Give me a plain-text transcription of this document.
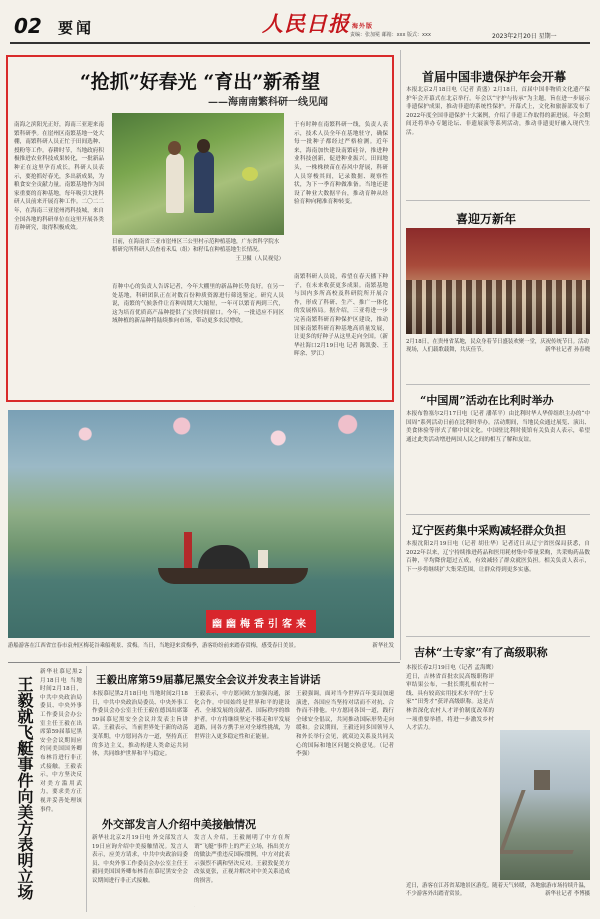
02 要闻	人民日报 海外版
责编：张加冕 邮箱：xxx 版式：xxx	2023年2月20日 星期一
“抢抓”好春光 “育出”新希望
——海南南繁科研一线见闻
南海之滨阳光正好，海南三亚迎来南繁科研季。在崖州区南繁基地一处大棚，南繁科研人员正忙于田间选种、授粉等工作。春耕时节，当地政府积极推进农业科技成果转化，一批新品种正在这里孕育成长。科研人员表示，要抢抓好春光，多出新成果，为粮食安全贡献力量。南繁基地作为国家重要的育种基地，每年吸引大批科研人员前来开展育种工作。二〇二二年，在海南三亚崖州湾科技城，来自全国各地的科研单位在这里开展各类育种研究，取得积极成效。
日前，在海南省三亚市崖州区三公里村示范种植基地，广东省科学院水稻研究所科研人员查看禾瓜（组）和籽瓜在种植基地生长情况。
王卫摄（人民视觉）
育种中心的负责人告诉记者，今年大棚里的新品种长势良好。在另一处基地，科研团队正在对数百份种质资源进行筛选鉴定。研究人员说，南繁的气候条件让育种周期大大缩短，一年可以繁育两到三代，这为培育优质高产品种提供了宝贵时间窗口。今年，一批适应不同区域种植的新品种将陆续推向市场，带动更多农民增收。
于有时种在南繁科研一线，负责人表示，技术人员全年在基地驻守，确保每一批种子都经过严格检测。近年来，海南加快建设南繁硅谷，推进种业科技创新，促进种业振兴。田间地头，一株株秧苗在春风中舒展，科研人员穿梭其间，记录数据、观察性状，为下一季育种做准备。当地还建设了种业大数据平台，推动育种从经验育种向精准育种转变。
南繁科研人员说，希望在春天播下种子，在未来收获更多成果。南繁基地与国内多所高校及科研院所开展合作，形成了科研、生产、推广一体化的发展格局。据介绍，三亚将进一步完善南繁科研育种保护区建设，推动国家南繁科研育种基地高质量发展，让更多的好种子从这里走向全国。（新华社海口2月19日电 记者 陈凯姿、王晖余、罗江）
幽幽梅香引客来
游船游客在江西省宜春市袁州区梅花谷乘船观景、赏梅。当日，当地迎来赏梅季，游客纷纷前来踏春赏梅，感受春日美景。	新华社发
首届中国非遗保护年会开幕
本报北京2月18日电（记者 黄盛）2月18日，首届中国非物质文化遗产保护年会开幕式在北京举行。年会以“守护与传承”为主题，旨在进一步展示非遗保护成果，推动非遗的系统性保护。开幕式上，文化和旅游部发布了2022年度全国非遗保护十大案例，介绍了非遗工作取得的新进展。年会期间还将举办专题论坛、非遗展演等系列活动，推动非遗更好融入现代生活。
喜迎万新年
2月18日，在贵州省某地，民众身着节日盛装欢聚一堂，庆祝传统节日。活动现场，人们载歌载舞，共庆佳节。	新华社记者 孙春晓
“中国周”活动在比利时举办
本报布鲁塞尔2月17日电（记者 潘革平）由比利时华人华侨组织主办的“中国周”系列活动日前在比利时举办。活动期间，当地民众通过展览、演出、美食体验等形式了解中国文化。中国驻比利时使馆有关负责人表示，希望通过此类活动增进两国人民之间的相互了解和友谊。
辽宁医药集中采购减轻群众负担
本报沈阳2月19日电（记者 胡仕华）记者近日从辽宁省医保局获悉，自2022年以来，辽宁持续推进药品和医用耗材集中带量采购，共采购药品数百种，平均降价超过五成，有效减轻了群众就医负担。相关负责人表示，下一步将继续扩大集采范围，让群众得到更多实惠。
吉林“土专家”有了高级职称
本报长春2月19日电（记者 孟海鹰）近日，吉林省首批农民高级职称评审结果公布，一批长期扎根农村一线、具有较高实用技术水平的“土专家”“田秀才”获评高级职称。这是吉林省深化农村人才评价制度改革的一项重要举措，将进一步激发乡村人才活力。
近日，游客在江苏省某地景区游览。随着天气转暖，各地旅游市场持续升温，不少游客外出踏青赏景。	新华社记者 李博摄
王毅就飞艇事件向美方表明立场
新华社慕尼黑2月18日电 当地时间2月18日，中共中央政治局委员、中央外事工作委员会办公室主任王毅在出席第59届慕尼黑安全会议期间应约同美国国务卿布林肯进行非正式接触。王毅表示，中方坚决反对美方滥用武力，要求美方正视并妥善处理该事件。
王毅出席第59届慕尼黑安全会议并发表主旨讲话
本报慕尼黑2月18日电 当地时间2月18日，中共中央政治局委员、中央外事工作委员会办公室主任王毅在德国出席第59届慕尼黑安全会议并发表主旨讲话。王毅表示，当前世界处于新的动荡变革期，中方愿同各方一道，坚持真正的多边主义，推动构建人类命运共同体，共同维护世界和平与稳定。
王毅表示，中方愿同欧方加强沟通，深化合作。中国始终是世界和平的建设者、全球发展的贡献者、国际秩序的维护者。中方将继续坚定不移走和平发展道路，同各方携手应对全球性挑战，为世界注入更多稳定性和正能量。
王毅强调，面对当今世界百年变局加速演进，各国应当坚持对话而不对抗、合作而不排他。中方愿同各国一道，践行全球安全倡议，共同推动国际形势走向缓和。会议期间，王毅还同多国领导人和外长举行会见，就双边关系及共同关心的国际和地区问题交换意见。（记者 李强）
外交部发言人介绍中美接触情况
新华社北京2月19日电 外交部发言人19日应询介绍中美接触情况。发言人表示，应美方请求，中共中央政治局委员、中央外事工作委员会办公室主任王毅同美国国务卿布林肯在慕尼黑安全会议期间进行非正式接触。
发言人介绍，王毅阐明了中方在所谓“飞艇”事件上的严正立场，指出美方的做法严重违反国际惯例，中方对此表示强烈不满和坚决反对。王毅敦促美方改弦更张，正视并解决对中美关系造成的损害。
